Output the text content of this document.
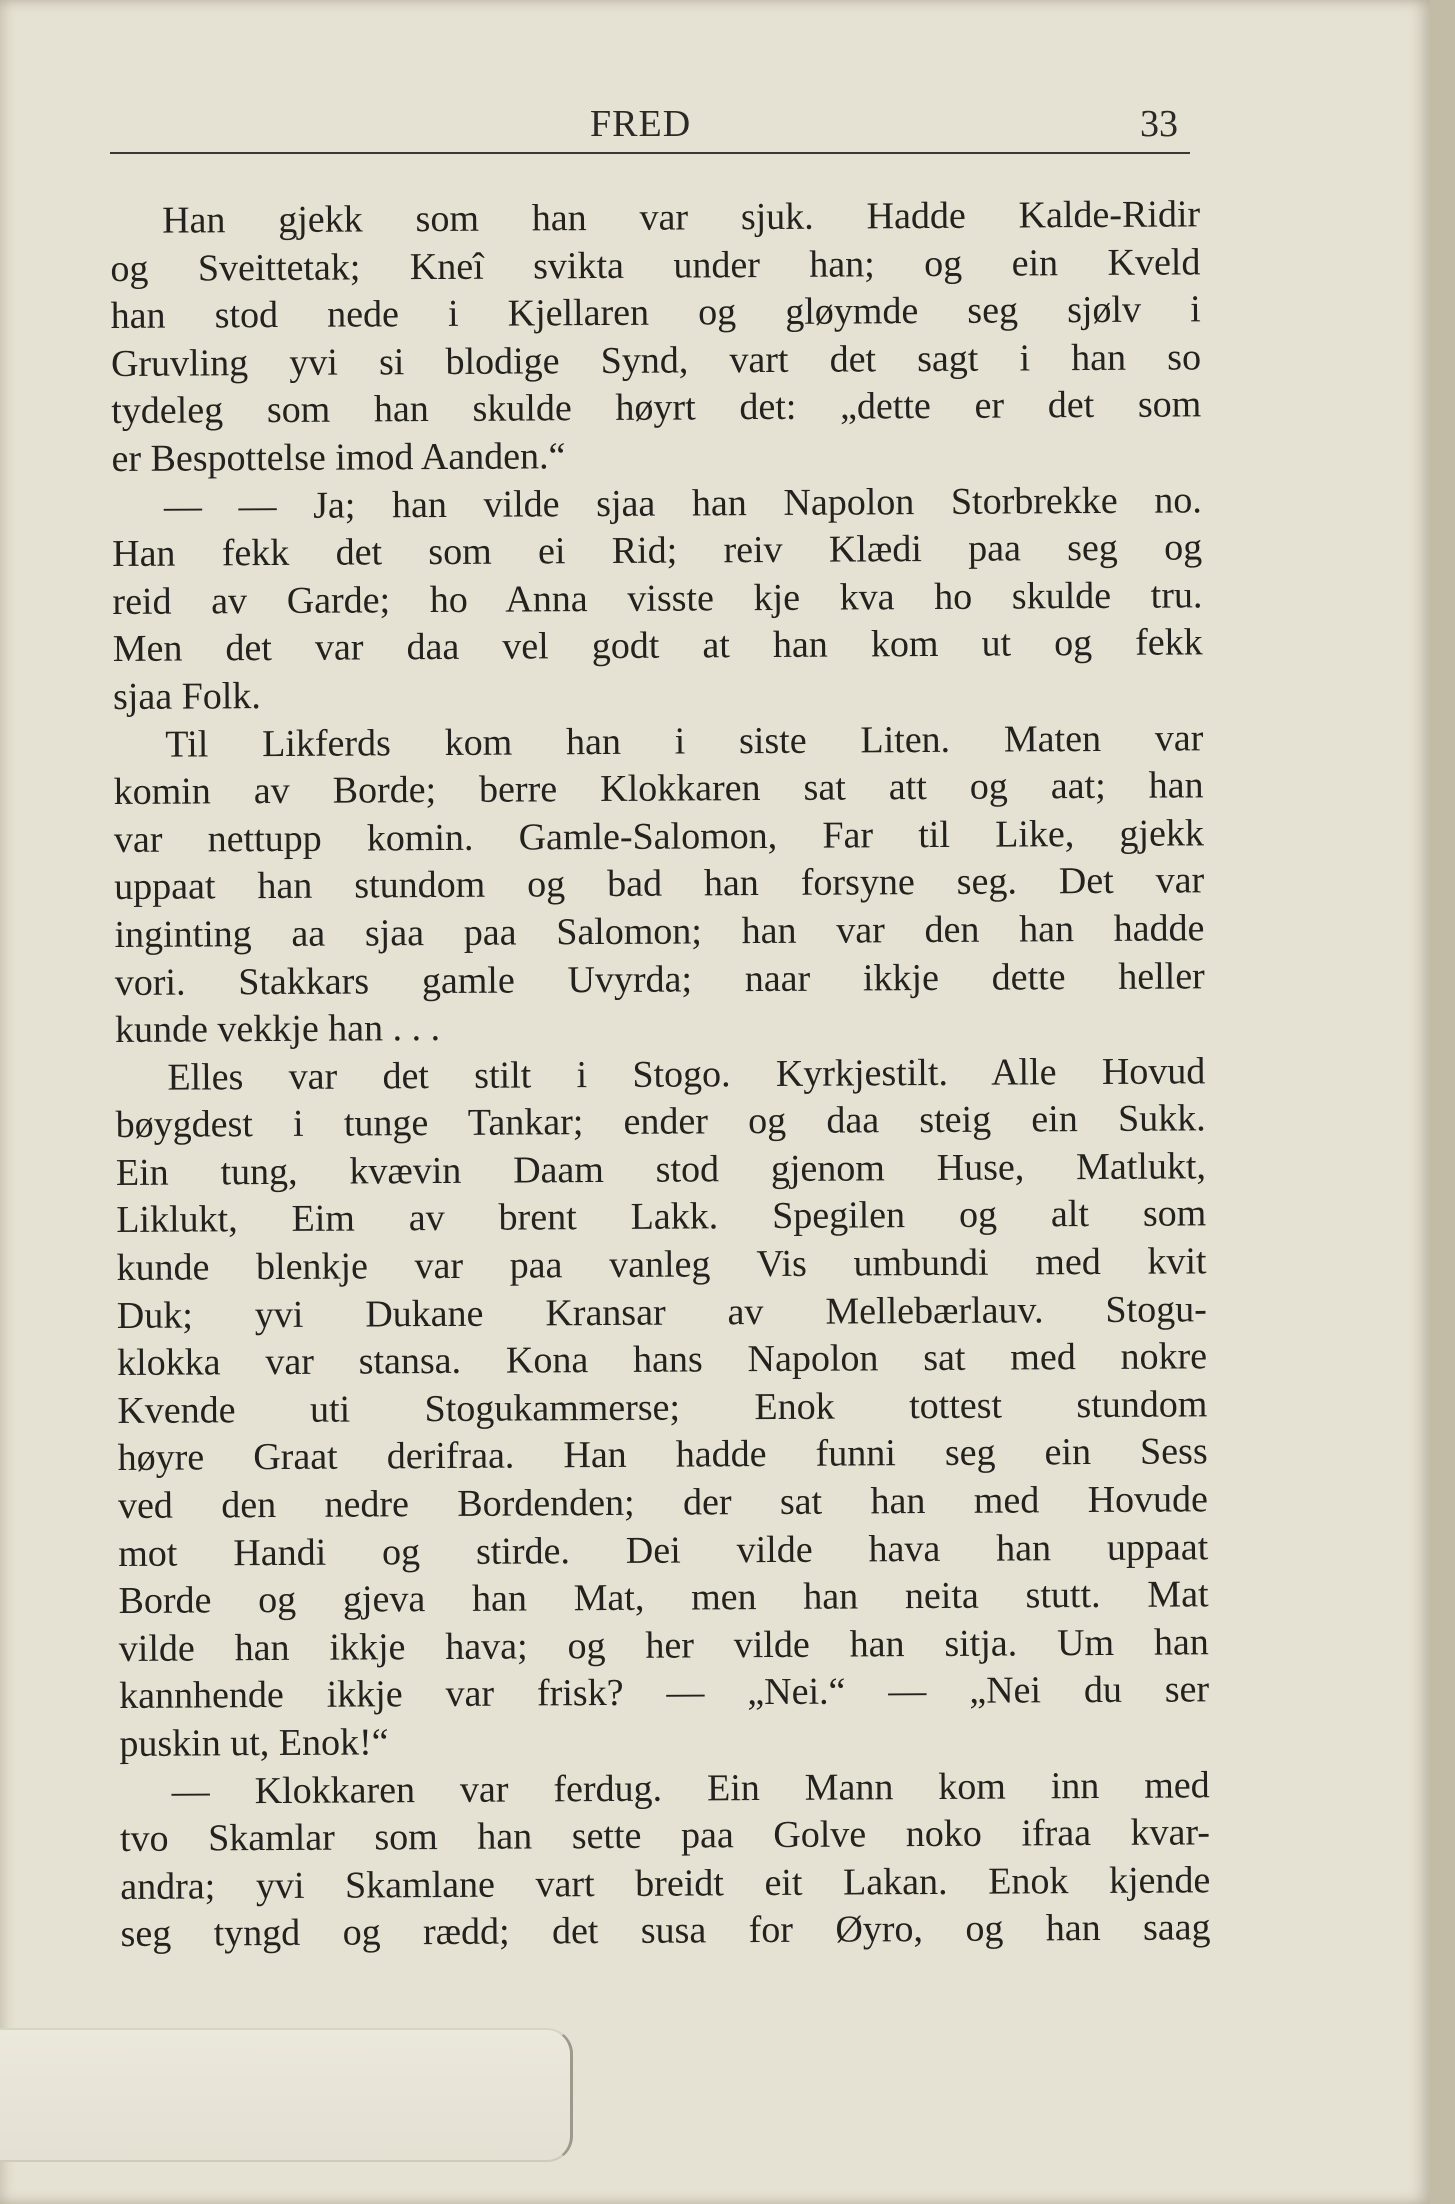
FRED	33
Han gjekk som han var sjuk. Hadde Kalde-Ridir
og Sveittetak; Kneî svikta under han; og ein Kveld
han stod nede i Kjellaren og gløymde seg sjølv i
Gruvling yvi si blodige Synd, vart det sagt i han so
tydeleg som han skulde høyrt det: „dette er det som
er Bespottelse imod Aanden.“
— — Ja; han vilde sjaa han Napolon Storbrekke no.
Han fekk det som ei Rid; reiv Klædi paa seg og
reid av Garde; ho Anna visste kje kva ho skulde tru.
Men det var daa vel godt at han kom ut og fekk
sjaa Folk.
Til Likferds kom han i siste Liten. Maten var
komin av Borde; berre Klokkaren sat att og aat; han
var nettupp komin. Gamle-Salomon, Far til Like, gjekk
uppaat han stundom og bad han forsyne seg. Det var
inginting aa sjaa paa Salomon; han var den han hadde
vori. Stakkars gamle Uvyrda; naar ikkje dette heller
kunde vekkje han . . .
Elles var det stilt i Stogo. Kyrkjestilt. Alle Hovud
bøygdest i tunge Tankar; ender og daa steig ein Sukk.
Ein tung, kvævin Daam stod gjenom Huse, Matlukt,
Liklukt, Eim av brent Lakk. Spegilen og alt som
kunde blenkje var paa vanleg Vis umbundi med kvit
Duk; yvi Dukane Kransar av Mellebærlauv. Stogu-
klokka var stansa. Kona hans Napolon sat med nokre
Kvende uti Stogukammerse; Enok tottest stundom
høyre Graat derifraa. Han hadde funni seg ein Sess
ved den nedre Bordenden; der sat han med Hovude
mot Handi og stirde. Dei vilde hava han uppaat
Borde og gjeva han Mat, men han neita stutt. Mat
vilde han ikkje hava; og her vilde han sitja. Um han
kannhende ikkje var frisk? — „Nei.“ — „Nei du ser
puskin ut, Enok!“
— Klokkaren var ferdug. Ein Mann kom inn med
tvo Skamlar som han sette paa Golve noko ifraa kvar-
andra; yvi Skamlane vart breidt eit Lakan. Enok kjende
seg tyngd og rædd; det susa for Øyro, og han saag
